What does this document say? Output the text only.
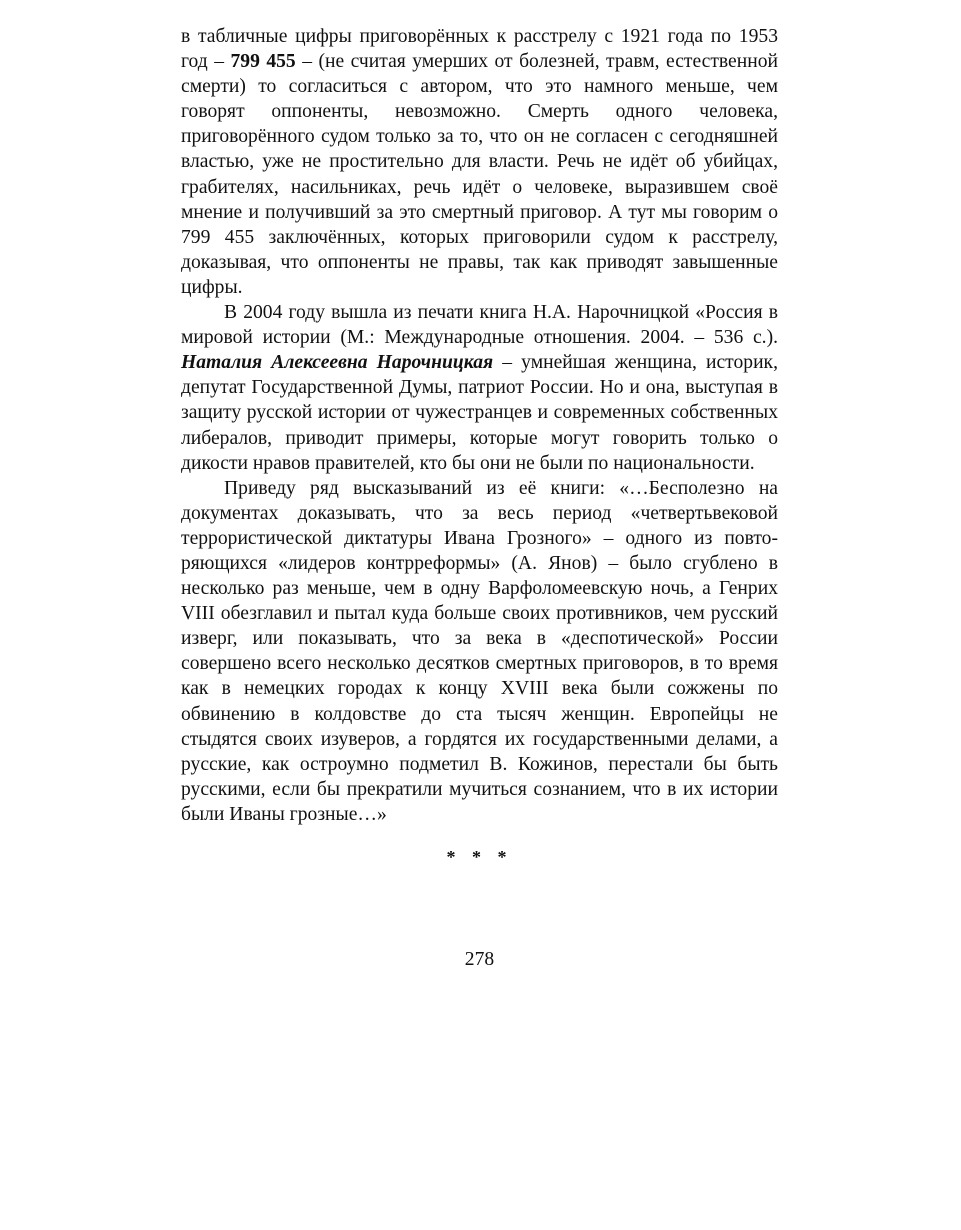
в табличные цифры приговорённых к расстрелу с 1921 года по 1953 год – 799 455 – (не считая умерших от болезней, травм, естественной смерти) то согласиться с автором, что это намного меньше, чем говорят оппоненты, невозможно. Смерть одного человека, приговорённого судом только за то, что он не согласен с сегодняшней властью, уже не простительно для власти. Речь не идёт об убийцах, грабителях, насильниках, речь идёт о человеке, выразившем своё мнение и получивший за это смертный приговор. А тут мы говорим о 799 455 заключённых, которых приговорили судом к расстрелу, доказывая, что оппоненты не правы, так как приводят завышенные цифры.

В 2004 году вышла из печати книга Н.А. Нарочницкой «Россия в мировой истории (М.: Международные отношения. 2004. – 536 с.). Наталия Алексеевна Нарочницкая – умнейшая женщина, историк, депутат Государственной Думы, патриот России. Но и она, выступая в защиту русской истории от чужестранцев и современных собственных либералов, приводит примеры, которые могут говорить только о дикости нравов правителей, кто бы они не были по национальности.

Приведу ряд высказываний из её книги: «…Бесполезно на документах доказывать, что за весь период «четвертьвековой террористической диктатуры Ивана Грозного» – одного из повторяющихся «лидеров контрреформы» (А. Янов) – было сгублено в несколько раз меньше, чем в одну Варфоломеевскую ночь, а Генрих VIII обезглавил и пытал куда больше своих противников, чем русский изверг, или показывать, что за века в «деспотической» России совершено всего несколько десятков смертных приговоров, в то время как в немецких городах к концу XVIII века были сожжены по обвинению в колдовстве до ста тысяч женщин. Европейцы не стыдятся своих изуверов, а гордятся их государственными делами, а русские, как остроумно подметил В. Кожинов, перестали бы быть русскими, если бы прекратили мучиться сознанием, что в их истории были Иваны грозные…»

* * *
278
